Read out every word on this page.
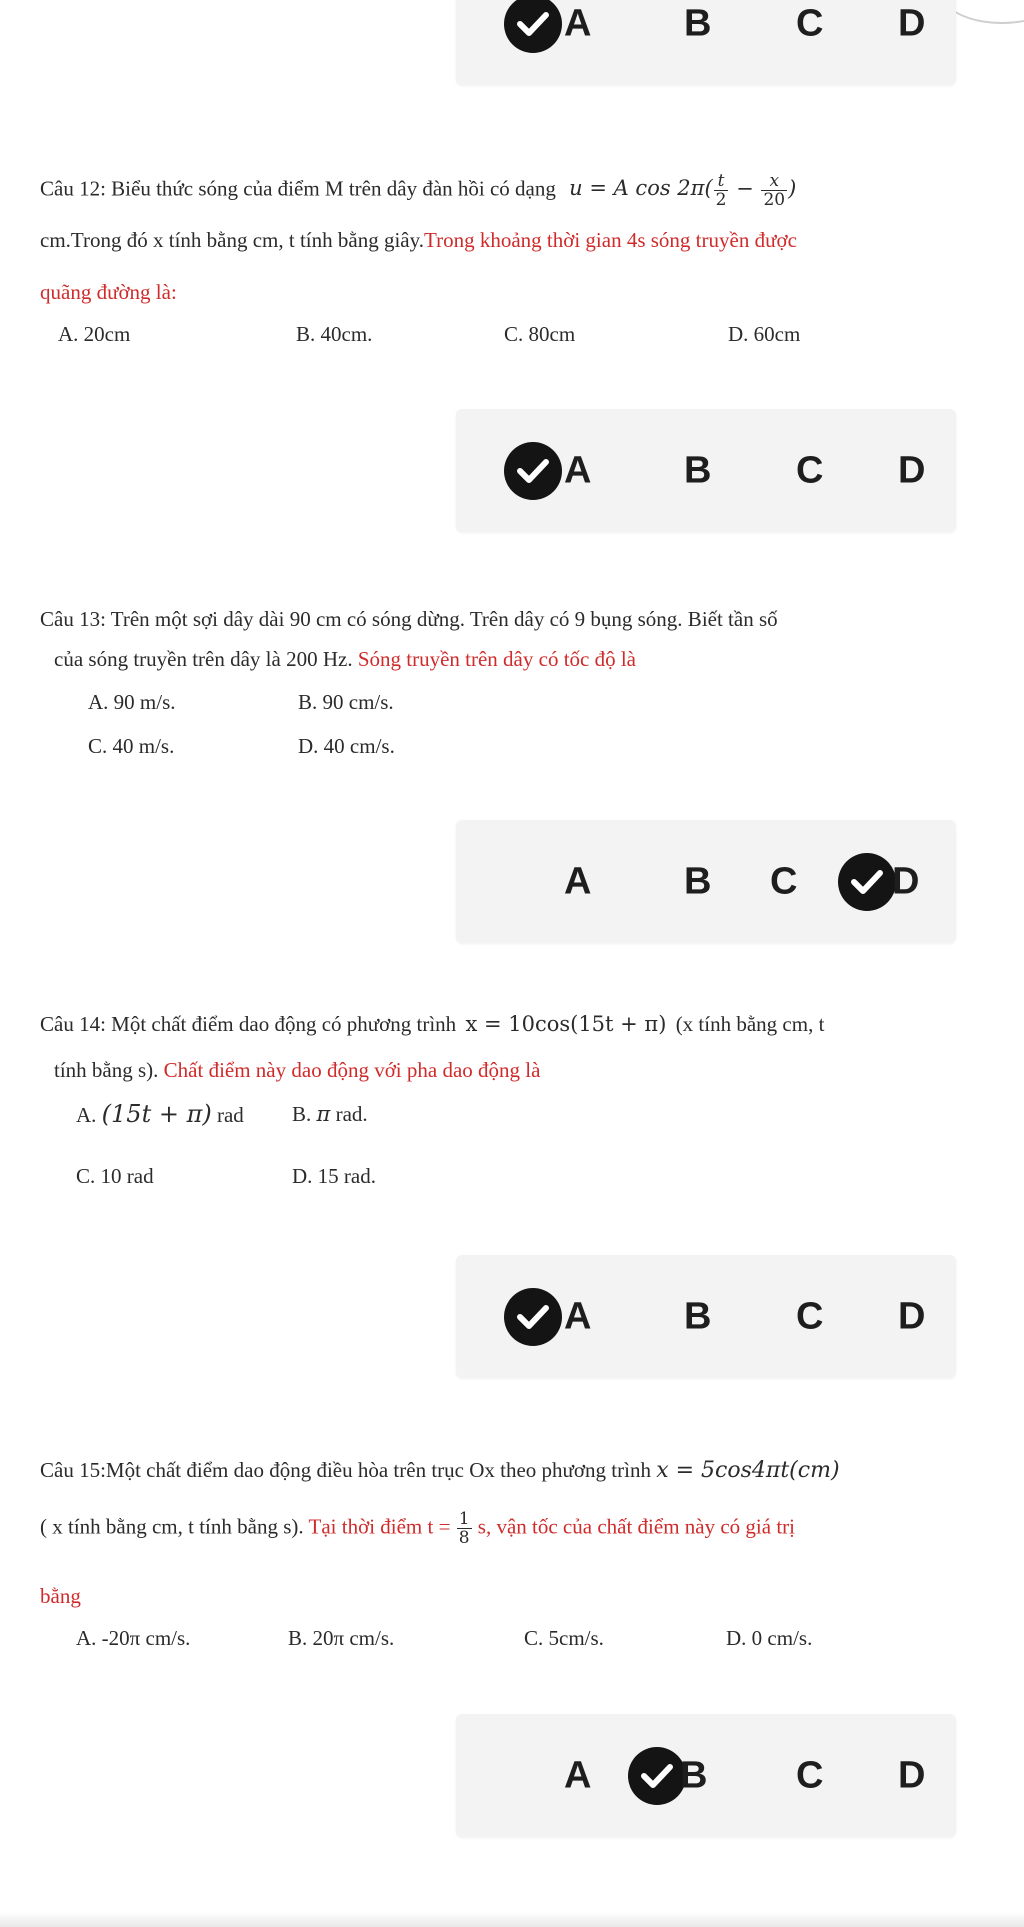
A B C D
Câu 12: Biểu thức sóng của điểm M trên dây đàn hồi có dạng u = A $\cos 2\pi( \frac{t}{2} - \frac{x}{20}$ )
cm.Trong đó x tính bằng cm, t tính bằng giây.Trong khoảng thời gian 4s sóng truyền được
quãng đường là:
A. 20cm	B. 40cm.	C. 80cm	D. 60cm
A B C D
Câu 13: Trên một sợi dây dài 90 cm có sóng dừng. Trên dây có 9 bụng sóng. Biết tần số
của sóng truyền trên dây là 200 Hz. Sóng truyền trên dây có tốc độ là
A. 90 m/s.	B. 90 cm/s.
C. 40 m/s.	D. 40 cm/s.
A B C D
Câu 14: Một chất điểm dao động có phương trình x = 10cos(15t + π) (x tính bằng cm, t
tính bằng s). Chất điểm này dao động với pha dao động là
A. (15t + π) rad B. π rad.
C. 10 rad	D. 15 rad.
A B C D
Câu 15:Một chất điểm dao động điều hòa trên trục Ox theo phương trình x = 5cos4πt(cm)
( x tính bằng cm, t tính bằng s). Tại thời điểm $t = \frac{1}{8} s$, vận tốc của chất điểm này có giá trị
bằng
A. -20π cm/s.	B. 20π cm/s.	C. 5cm/s.	D. 0 cm/s.
A B C D
